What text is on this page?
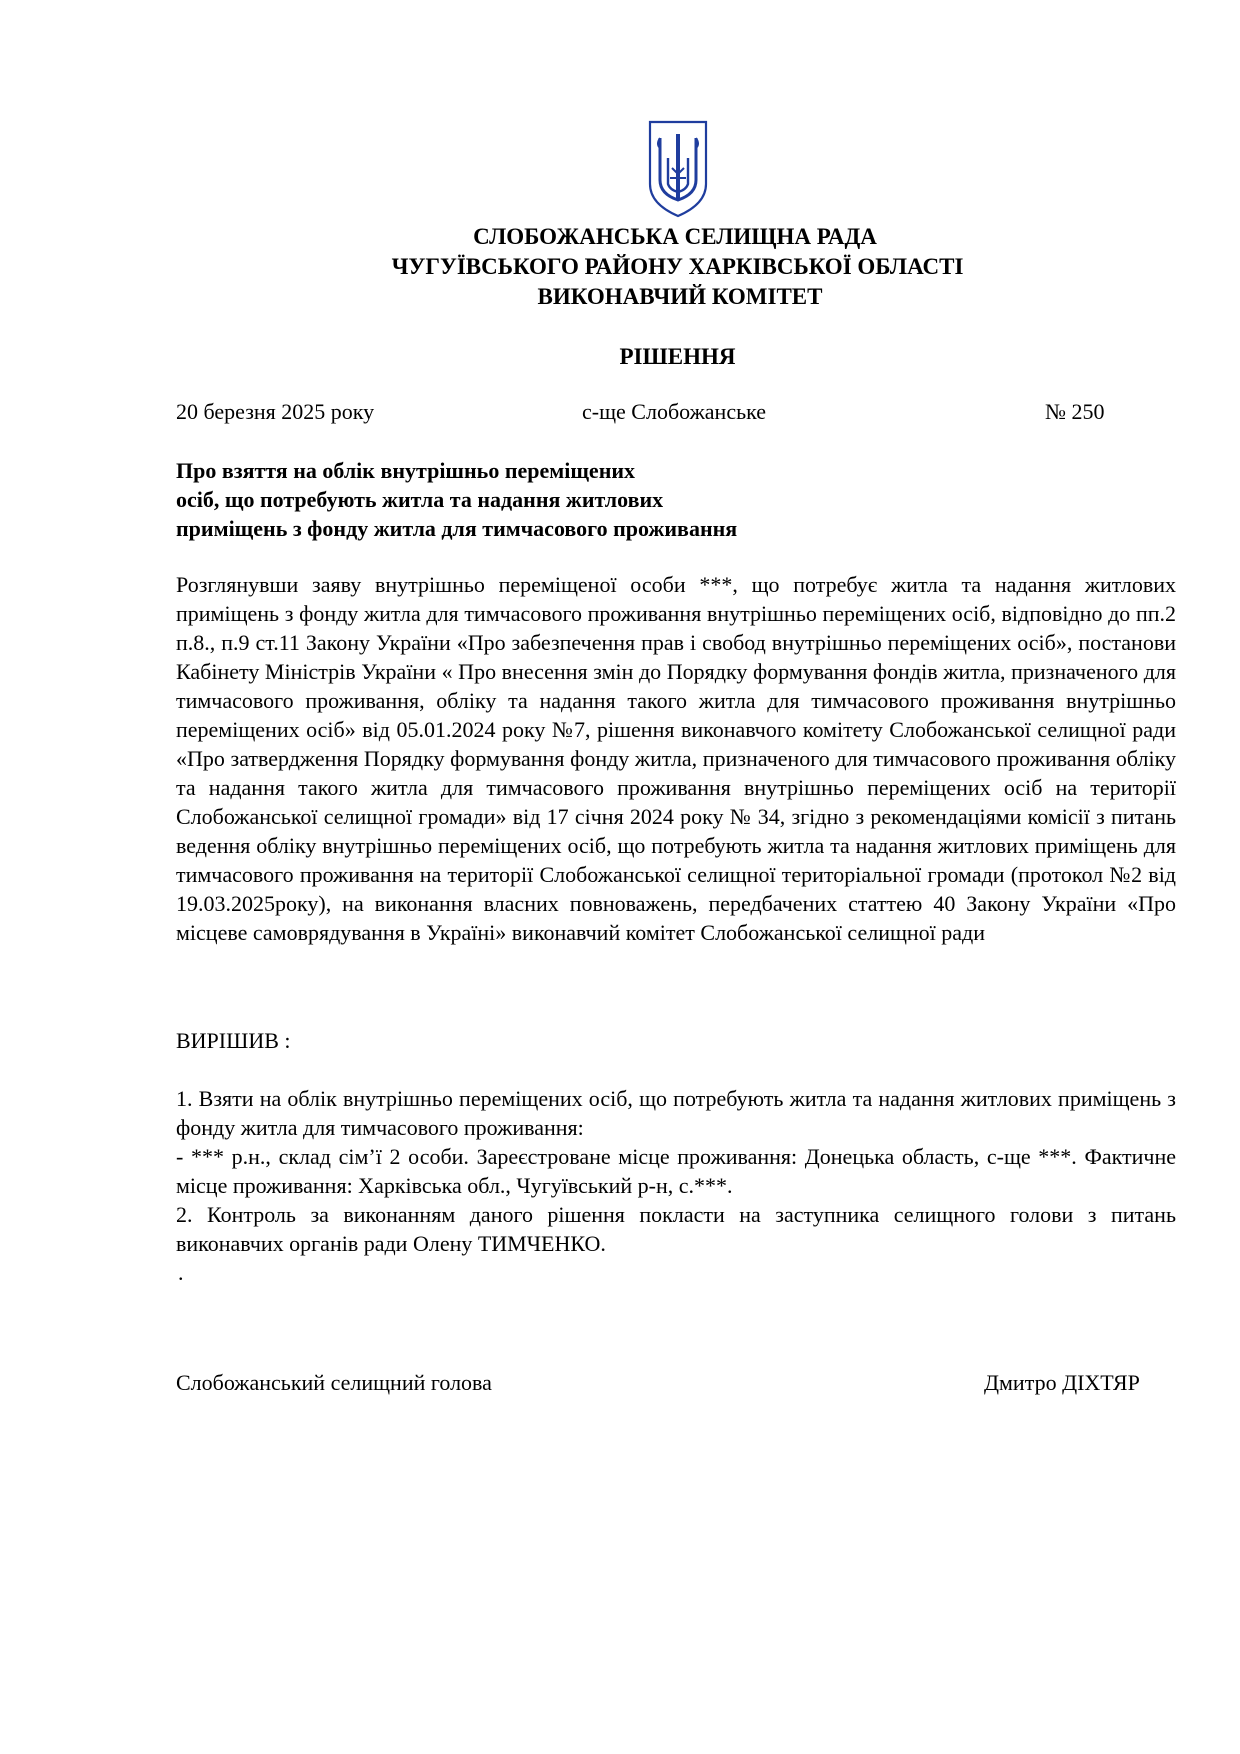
СЛОБОЖАНСЬКА СЕЛИЩНА РАДА
ЧУГУЇВСЬКОГО РАЙОНУ ХАРКІВСЬКОЇ ОБЛАСТІ
ВИКОНАВЧИЙ КОМІТЕТ
РІШЕННЯ
20 березня 2025 року	с-ще Слобожанське	№ 250
Про взяття на облік внутрішньо переміщених
осіб, що потребують житла та надання житлових
приміщень з фонду житла для тимчасового проживання
Розглянувши заяву внутрішньо переміщеної особи ***, що потребує житла та надання житлових приміщень з фонду житла для тимчасового проживання внутрішньо переміщених осіб, відповідно до пп.2 п.8., п.9 ст.11 Закону України «Про забезпечення прав і свобод внутрішньо переміщених осіб», постанови Кабінету Міністрів України « Про внесення змін до Порядку формування фондів житла, призначеного для тимчасового проживання, обліку та надання такого житла для тимчасового проживання внутрішньо переміщених осіб» від 05.01.2024 року №7, рішення виконавчого комітету Слобожанської селищної ради «Про затвердження Порядку формування фонду житла, призначеного для тимчасового проживання обліку та надання такого житла для тимчасового проживання внутрішньо переміщених осіб на території Слобожанської селищної громади» від 17 січня 2024 року № 34, згідно з рекомендаціями комісії з питань ведення обліку внутрішньо переміщених осіб, що потребують житла та надання житлових приміщень для тимчасового проживання на території Слобожанської селищної територіальної громади (протокол №2 від 19.03.2025року), на виконання власних повноважень, передбачених статтею 40 Закону України «Про місцеве самоврядування в Україні» виконавчий комітет Слобожанської селищної ради
ВИРІШИВ :

1. Взяти на облік внутрішньо переміщених осіб, що потребують житла та надання житлових приміщень з фонду житла для тимчасового проживання:

- *** р.н., склад сім’ї 2 особи. Зареєстроване місце проживання: Донецька область, с-ще ***. Фактичне місце проживання: Харківська обл., Чугуївський р-н, с.***.

2. Контроль за виконанням даного рішення покласти на заступника селищного голови з питань виконавчих органів ради Олену ТИМЧЕНКО.

.
Слобожанський селищний голова	Дмитро ДІХТЯР
